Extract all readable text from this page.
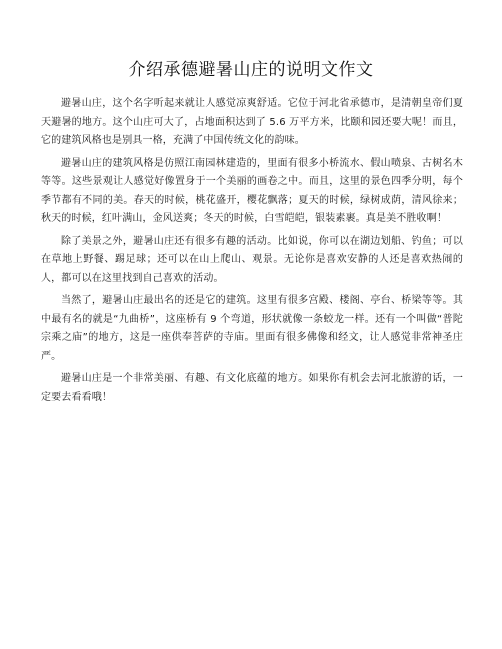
介绍承德避暑山庄的说明文作文

避暑山庄，这个名字听起来就让人感觉凉爽舒适。它位于河北省承德市，是清朝皇帝们夏天避暑的地方。这个山庄可大了，占地面积达到了 5.6 万平方米，比颐和园还要大呢！而且，它的建筑风格也是别具一格，充满了中国传统文化的韵味。

避暑山庄的建筑风格是仿照江南园林建造的，里面有很多小桥流水、假山喷泉、古树名木等等。这些景观让人感觉好像置身于一个美丽的画卷之中。而且，这里的景色四季分明，每个季节都有不同的美。春天的时候，桃花盛开，樱花飘落；夏天的时候，绿树成荫，清风徐来；秋天的时候，红叶满山，金风送爽；冬天的时候，白雪皑皑，银装素裹。真是美不胜收啊！

除了美景之外，避暑山庄还有很多有趣的活动。比如说，你可以在湖边划船、钓鱼；可以在草地上野餐、踢足球；还可以在山上爬山、观景。无论你是喜欢安静的人还是喜欢热闹的人，都可以在这里找到自己喜欢的活动。

当然了，避暑山庄最出名的还是它的建筑。这里有很多宫殿、楼阁、亭台、桥梁等等。其中最有名的就是“九曲桥”，这座桥有 9 个弯道，形状就像一条蛟龙一样。还有一个叫做“普陀宗乘之庙”的地方，这是一座供奉菩萨的寺庙。里面有很多佛像和经文，让人感觉非常神圣庄严。

避暑山庄是一个非常美丽、有趣、有文化底蕴的地方。如果你有机会去河北旅游的话，一定要去看看哦！
